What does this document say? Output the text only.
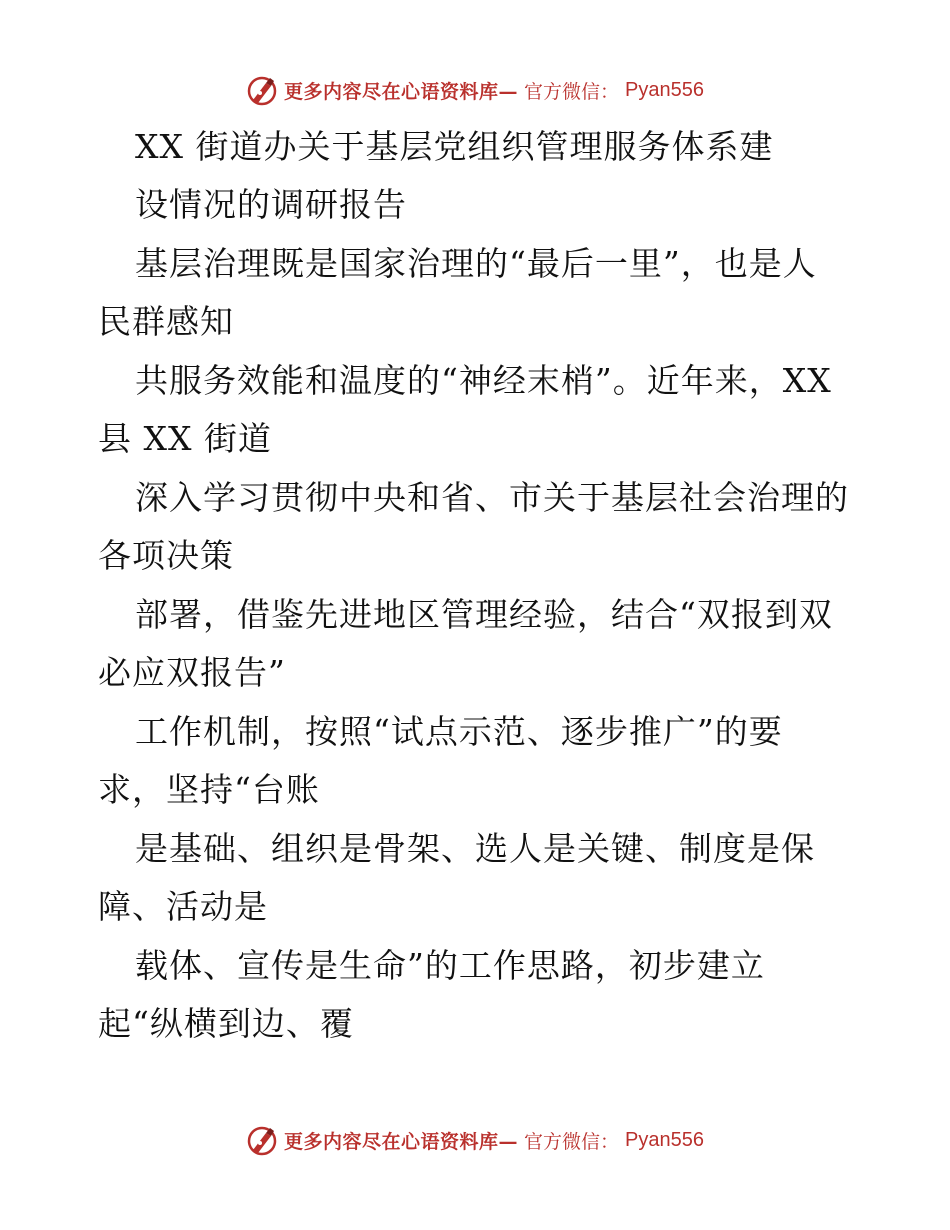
更多内容尽在心语资料库— 官方微信： Pyan556
XX 街道办关于基层党组织管理服务体系建
设情况的调研报告
基层治理既是国家治理的“最后一里”，也是人
民群感知
共服务效能和温度的“神经末梢”。近年来，XX
县 XX 街道
深入学习贯彻中央和省、市关于基层社会治理的
各项决策
部署，借鉴先进地区管理经验，结合“双报到双
必应双报告”
工作机制，按照“试点示范、逐步推广”的要
求，坚持“台账
是基础、组织是骨架、选人是关键、制度是保
障、活动是
载体、宣传是生命”的工作思路，初步建立
起“纵横到边、覆
更多内容尽在心语资料库— 官方微信： Pyan556
